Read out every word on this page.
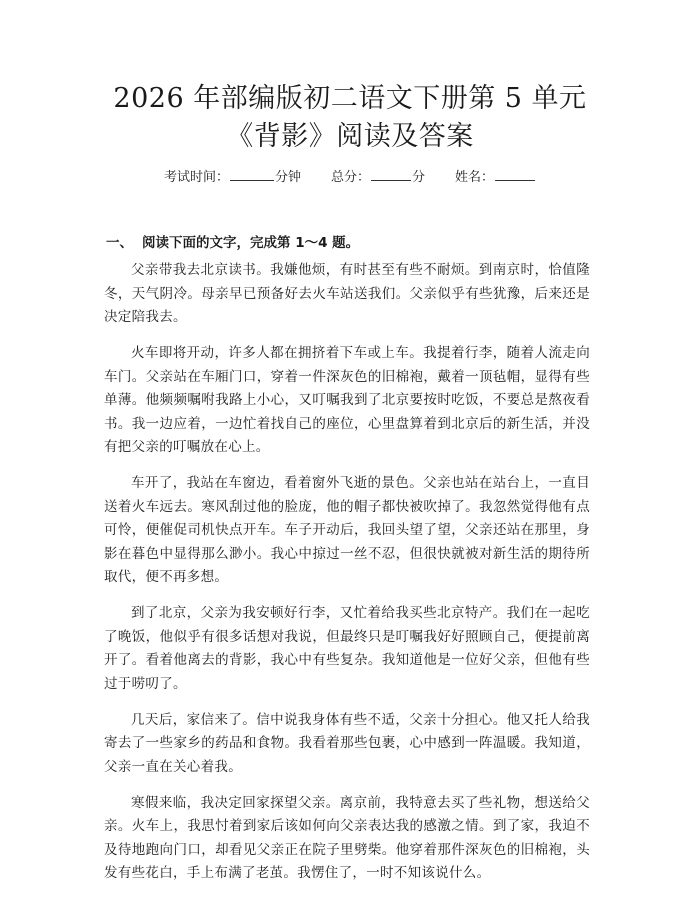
2026 年部编版初二语文下册第 5 单元《背影》阅读及答案
考试时间：	分钟 总分：	分 姓名：
一、 阅读下面的文字，完成第 1～4 题。

父亲带我去北京读书。我嫌他烦，有时甚至有些不耐烦。到南京时，恰值隆冬，天气阴冷。母亲早已预备好去火车站送我们。父亲似乎有些犹豫，后来还是决定陪我去。

火车即将开动，许多人都在拥挤着下车或上车。我提着行李，随着人流走向车门。父亲站在车厢门口，穿着一件深灰色的旧棉袍，戴着一顶毡帽，显得有些单薄。他频频嘱咐我路上小心，又叮嘱我到了北京要按时吃饭，不要总是熬夜看书。我一边应着，一边忙着找自己的座位，心里盘算着到北京后的新生活，并没有把父亲的叮嘱放在心上。

车开了，我站在车窗边，看着窗外飞逝的景色。父亲也站在站台上，一直目送着火车远去。寒风刮过他的脸庞，他的帽子都快被吹掉了。我忽然觉得他有点可怜，便催促司机快点开车。车子开动后，我回头望了望，父亲还站在那里，身影在暮色中显得那么渺小。我心中掠过一丝不忍，但很快就被对新生活的期待所取代，便不再多想。

到了北京，父亲为我安顿好行李，又忙着给我买些北京特产。我们在一起吃了晚饭，他似乎有很多话想对我说，但最终只是叮嘱我好好照顾自己，便提前离开了。看着他离去的背影，我心中有些复杂。我知道他是一位好父亲，但他有些过于唠叨了。

几天后，家信来了。信中说我身体有些不适，父亲十分担心。他又托人给我寄去了一些家乡的药品和食物。我看着那些包裹，心中感到一阵温暖。我知道，父亲一直在关心着我。

寒假来临，我决定回家探望父亲。离京前，我特意去买了些礼物，想送给父亲。火车上，我思忖着到家后该如何向父亲表达我的感激之情。到了家，我迫不及待地跑向门口，却看见父亲正在院子里劈柴。他穿着那件深灰色的旧棉袍，头发有些花白，手上布满了老茧。我愣住了，一时不知该说什么。
